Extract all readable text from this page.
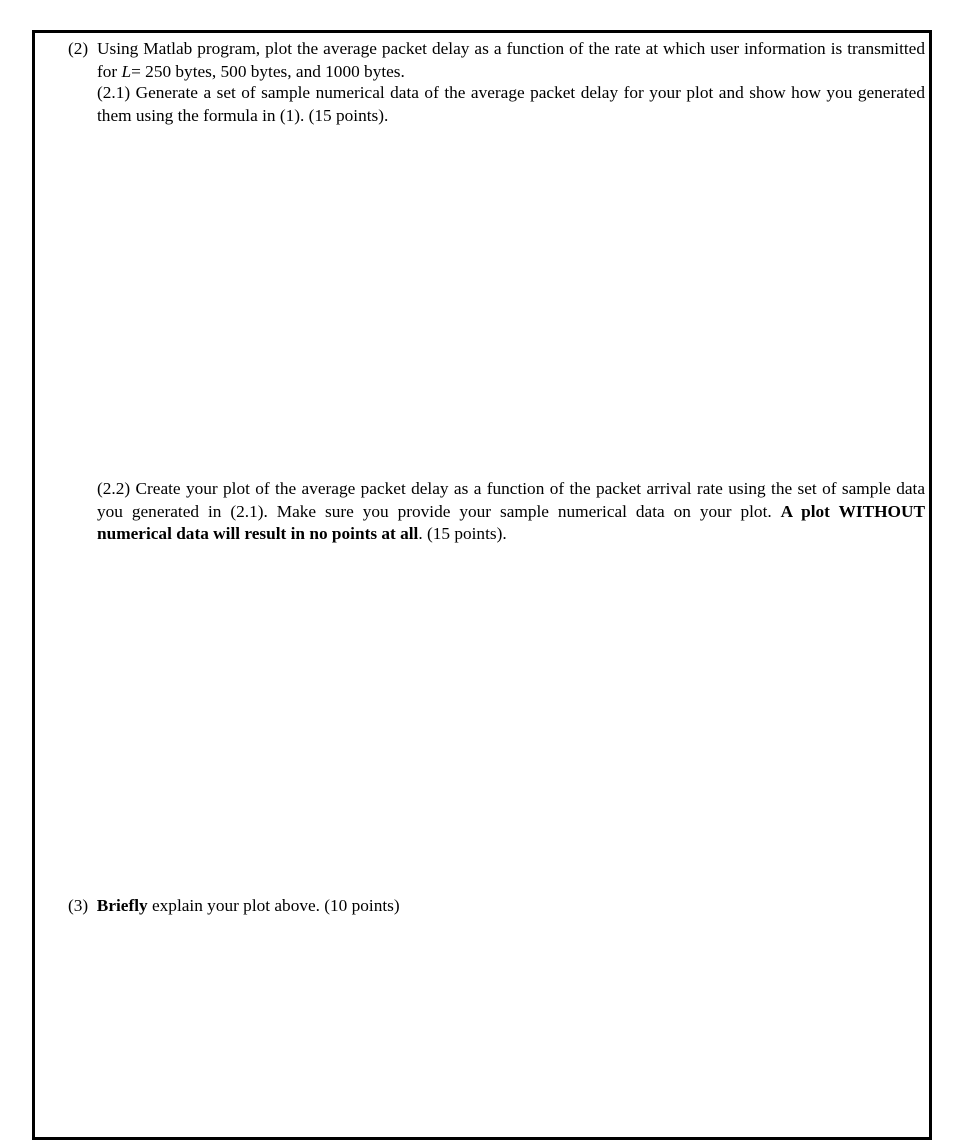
(2) Using Matlab program, plot the average packet delay as a function of the rate at which user information is transmitted for L= 250 bytes, 500 bytes, and 1000 bytes.
(2.1) Generate a set of sample numerical data of the average packet delay for your plot and show how you generated them using the formula in (1). (15 points).
(2.2) Create your plot of the average packet delay as a function of the packet arrival rate using the set of sample data you generated in (2.1). Make sure you provide your sample numerical data on your plot. A plot WITHOUT numerical data will result in no points at all. (15 points).
(3) Briefly explain your plot above. (10 points)
